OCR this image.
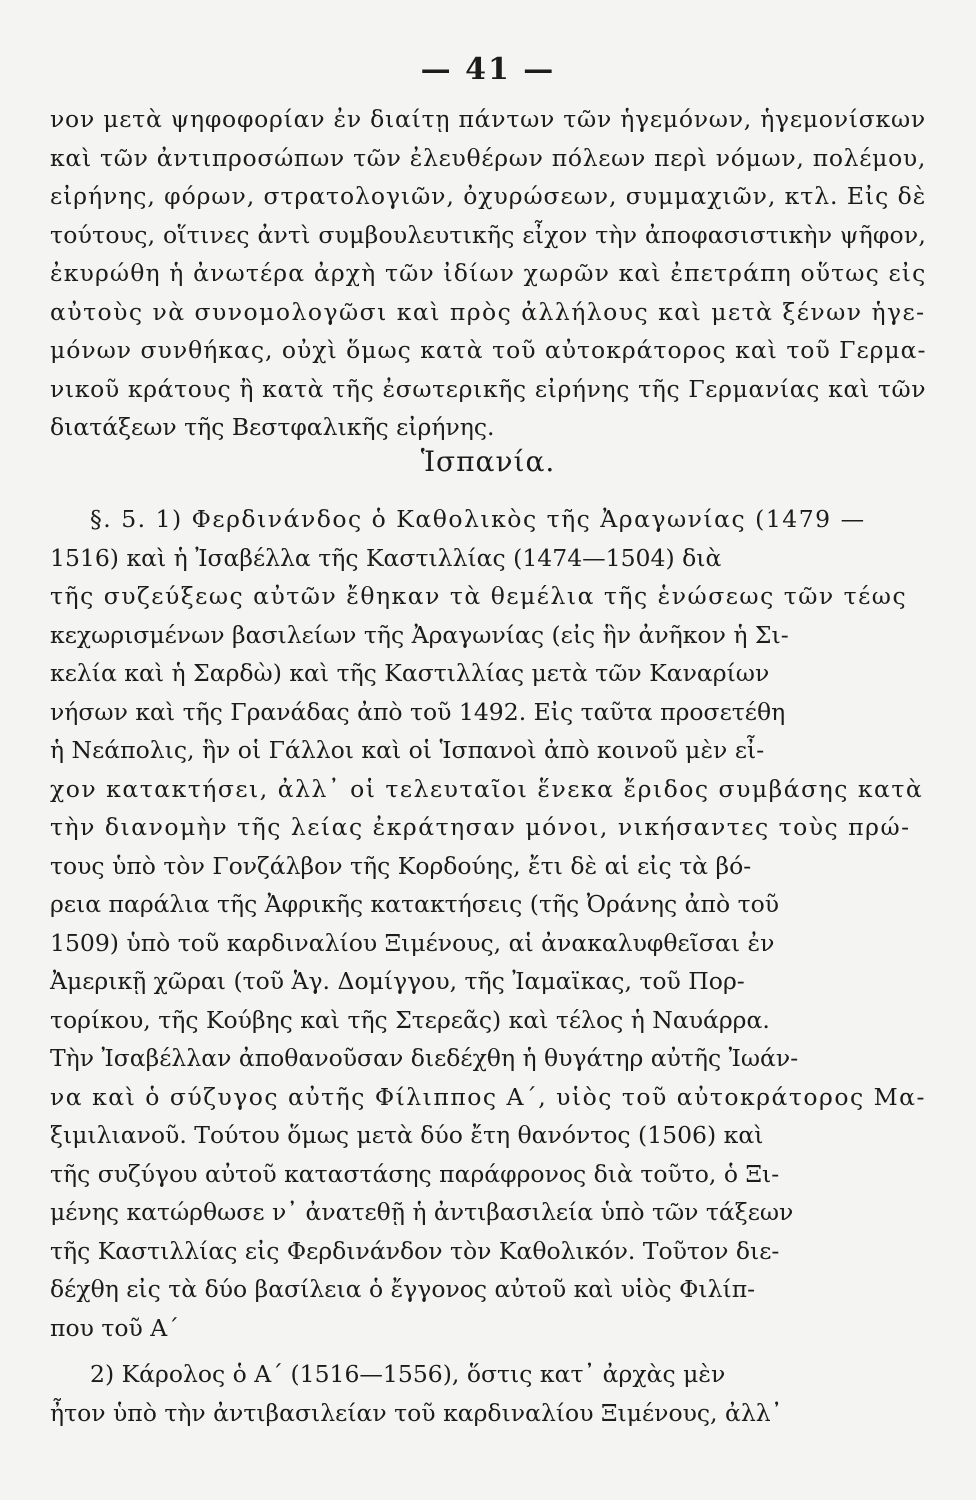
— 41 —
νον μετὰ ψηφοφορίαν ἐν διαίτῃ πάντων τῶν ἡγεμόνων, ἡγεμονίσκων
καὶ τῶν ἀντιπροσώπων τῶν ἐλευθέρων πόλεων περὶ νόμων, πολέμου,
εἰρήνης, φόρων, στρατολογιῶν, ὀχυρώσεων, συμμαχιῶν, κτλ. Εἰς δὲ
τούτους, οἵτινες ἀντὶ συμβουλευτικῆς εἶχον τὴν ἀποφασιστικὴν ψῆφον,
ἐκυρώθη ἡ ἀνωτέρα ἀρχὴ τῶν ἰδίων χωρῶν καὶ ἐπετράπη οὕτως εἰς
αὐτοὺς νὰ συνομολογῶσι καὶ πρὸς ἀλλήλους καὶ μετὰ ξένων ἡγε-
μόνων συνθήκας, οὐχὶ ὅμως κατὰ τοῦ αὐτοκράτορος καὶ τοῦ Γερμα-
νικοῦ κράτους ἢ κατὰ τῆς ἐσωτερικῆς εἰρήνης τῆς Γερμανίας καὶ τῶν
διατάξεων τῆς Βεστφαλικῆς εἰρήνης.
Ἱσπανία.
§. 5. 1) Φερδινάνδος ὁ Καθολικὸς τῆς Ἀραγωνίας (1479 —
1516) καὶ ἡ Ἰσαβέλλα τῆς Καστιλλίας (1474—1504) διὰ
τῆς συζεύξεως αὐτῶν ἔθηκαν τὰ θεμέλια τῆς ἑνώσεως τῶν τέως
κεχωρισμένων βασιλείων τῆς Ἀραγωνίας (εἰς ἣν ἀνῆκον ἡ Σι-
κελία καὶ ἡ Σαρδὼ) καὶ τῆς Καστιλλίας μετὰ τῶν Καναρίων
νήσων καὶ τῆς Γρανάδας ἀπὸ τοῦ 1492. Εἰς ταῦτα προσετέθη
ἡ Νεάπολις, ἣν οἱ Γάλλοι καὶ οἱ Ἱσπανοὶ ἀπὸ κοινοῦ μὲν εἶ-
χον κατακτήσει, ἀλλ᾽ οἱ τελευταῖοι ἕνεκα ἔριδος συμβάσης κατὰ
τὴν διανομὴν τῆς λείας ἐκράτησαν μόνοι, νικήσαντες τοὺς πρώ-
τους ὑπὸ τὸν Γονζάλβον τῆς Κορδούης, ἔτι δὲ αἱ εἰς τὰ βό-
ρεια παράλια τῆς Ἀφρικῆς κατακτήσεις (τῆς Ὀράνης ἀπὸ τοῦ
1509) ὑπὸ τοῦ καρδιναλίου Ξιμένους, αἱ ἀνακαλυφθεῖσαι ἐν
Ἀμερικῇ χῶραι (τοῦ Ἁγ. Δομίγγου, τῆς Ἰαμαϊκας, τοῦ Πορ-
τορίκου, τῆς Κούβης καὶ τῆς Στερεᾶς) καὶ τέλος ἡ Ναυάρρα.
Τὴν Ἰσαβέλλαν ἀποθανοῦσαν διεδέχθη ἡ θυγάτηρ αὐτῆς Ἰωάν-
να καὶ ὁ σύζυγος αὐτῆς Φίλιππος Α΄, υἱὸς τοῦ αὐτοκράτορος Μα-
ξιμιλιανοῦ. Τούτου ὅμως μετὰ δύο ἔτη θανόντος (1506) καὶ
τῆς συζύγου αὐτοῦ καταστάσης παράφρονος διὰ τοῦτο, ὁ Ξι-
μένης κατώρθωσε ν᾽ ἀνατεθῇ ἡ ἀντιβασιλεία ὑπὸ τῶν τάξεων
τῆς Καστιλλίας εἰς Φερδινάνδον τὸν Καθολικόν. Τοῦτον διε-
δέχθη εἰς τὰ δύο βασίλεια ὁ ἔγγονος αὐτοῦ καὶ υἱὸς Φιλίπ-
που τοῦ Α΄
2) Κάρολος ὁ Α΄ (1516—1556), ὅστις κατ᾽ ἀρχὰς μὲν
ἦτον ὑπὸ τὴν ἀντιβασιλείαν τοῦ καρδιναλίου Ξιμένους, ἀλλ᾽
